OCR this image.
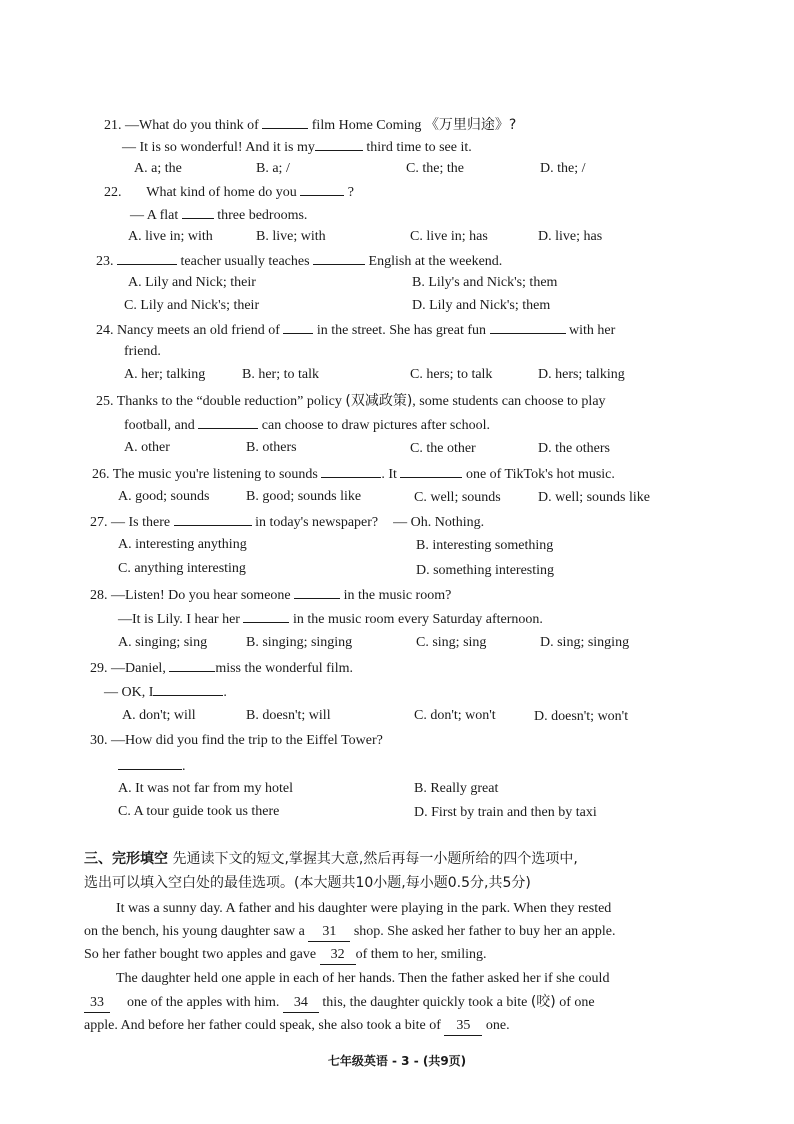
21. —What do you think of	film Home Coming 《万里归途》?
— It is so wonderful! And it is my	third time to see it.
A. a; the	B. a; /	C. the; the	D. the; /
22. What kind of home do you	?
— A flat	three bedrooms.
A. live in; with	B. live; with	C. live in; has	D. live; has
23.	teacher usually teaches	English at the weekend.
A. Lily and Nick; their	B. Lily's and Nick's; them
C. Lily and Nick's; their	D. Lily and Nick's; them
24. Nancy meets an old friend of	in the street. She has great fun	with her
friend.
A. her; talking	B. her; to talk	C. hers; to talk	D. hers; talking
25. Thanks to the “double reduction” policy (双减政策), some students can choose to play
football, and	can choose to draw pictures after school.
A. other	B. others	C. the other	D. the others
26. The music you're listening to sounds	. It	one of TikTok's hot music.
A. good; sounds	B. good; sounds like	C. well; sounds	D. well; sounds like
27. — Is there	in today's newspaper? — Oh. Nothing.
A. interesting anything	B. interesting something
C. anything interesting	D. something interesting
28. —Listen! Do you hear someone	in the music room?
—It is Lily. I hear her	in the music room every Saturday afternoon.
A. singing; sing	B. singing; singing	C. sing; sing	D. sing; singing
29. —Daniel,	miss the wonderful film.
— OK, I	.
A. don't; will	B. doesn't; will	C. don't; won't	D. doesn't; won't
30. —How did you find the trip to the Eiffel Tower?
.
A. It was not far from my hotel	B. Really great
C. A tour guide took us there	D. First by train and then by taxi
三、完形填空 先通读下文的短文,掌握其大意,然后再每一小题所给的四个选项中,
选出可以填入空白处的最佳选项。(本大题共10小题,每小题0.5分,共5分)
It was a sunny day. A father and his daughter were playing in the park. When they rested
on the bench, his young daughter saw a 31 shop. She asked her father to buy her an apple.
So her father bought two apples and gave 32 of them to her, smiling.
The daughter held one apple in each of her hands. Then the father asked her if she could
33 one of the apples with him. 34 this, the daughter quickly took a bite (咬) of one
apple. And before her father could speak, she also took a bite of 35 one.
七年级英语 - 3 - (共9页)
